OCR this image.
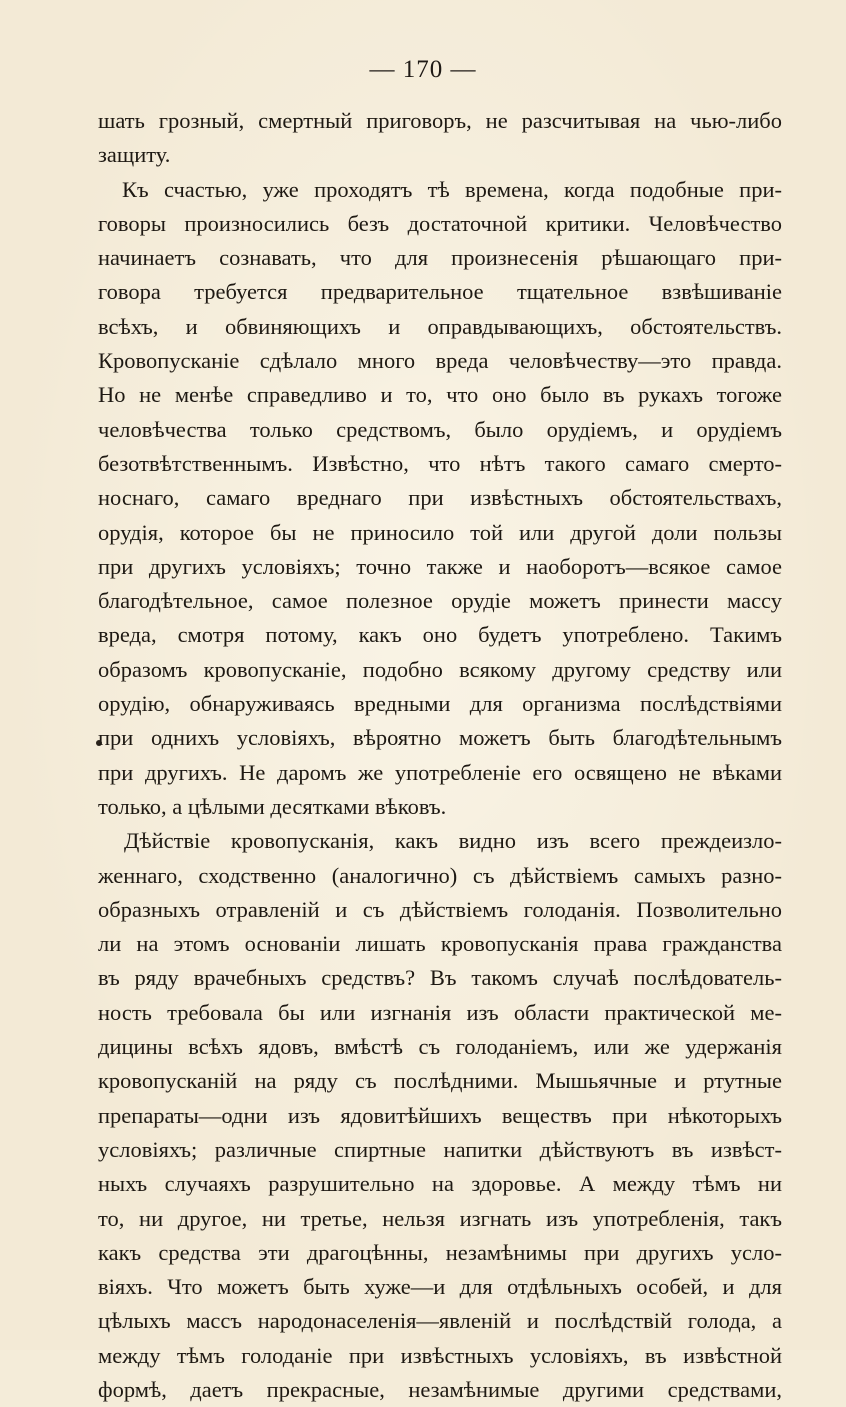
— 170 —
шать грозный, смертный приговоръ, не разсчитывая на чью-либо
защиту.
Къ счастью, уже проходятъ тѣ времена, когда подобные при-
говоры произносились безъ достаточной критики. Человѣчество
начинаетъ сознавать, что для произнесенія рѣшающаго при-
говора требуется предварительное тщательное взвѣшиваніе
всѣхъ, и обвиняющихъ и оправдывающихъ, обстоятельствъ.
Кровопусканіе сдѣлало много вреда человѣчеству—это правда.
Но не менѣе справедливо и то, что оно было въ рукахъ тогоже
человѣчества только средствомъ, было орудіемъ, и орудіемъ
безотвѣтственнымъ. Извѣстно, что нѣтъ такого самаго смерто-
носнаго, самаго вреднаго при извѣстныхъ обстоятельствахъ,
орудія, которое бы не приносило той или другой доли пользы
при другихъ условіяхъ; точно также и наоборотъ—всякое самое
благодѣтельное, самое полезное орудіе можетъ принести массу
вреда, смотря потому, какъ оно будетъ употреблено. Такимъ
образомъ кровопусканіе, подобно всякому другому средству или
орудію, обнаруживаясь вредными для организма послѣдствіями
при однихъ условіяхъ, вѣроятно можетъ быть благодѣтельнымъ
при другихъ. Не даромъ же употребленіе его освящено не вѣками
только, а цѣлыми десятками вѣковъ.
Дѣйствіе кровопусканія, какъ видно изъ всего преждеизло-
женнаго, сходственно (аналогично) съ дѣйствіемъ самыхъ разно-
образныхъ отравленій и съ дѣйствіемъ голоданія. Позволительно
ли на этомъ основаніи лишать кровопусканія права гражданства
въ ряду врачебныхъ средствъ? Въ такомъ случаѣ послѣдователь-
ность требовала бы или изгнанія изъ области практической ме-
дицины всѣхъ ядовъ, вмѣстѣ съ голоданіемъ, или же удержанія
кровопусканій на ряду съ послѣдними. Мышьячные и ртутные
препараты—одни изъ ядовитѣйшихъ веществъ при нѣкоторыхъ
условіяхъ; различные спиртные напитки дѣйствуютъ въ извѣст-
ныхъ случаяхъ разрушительно на здоровье. А между тѣмъ ни
то, ни другое, ни третье, нельзя изгнать изъ употребленія, такъ
какъ средства эти драгоцѣнны, незамѣнимы при другихъ усло-
віяхъ. Что можетъ быть хуже—и для отдѣльныхъ особей, и для
цѣлыхъ массъ народонаселенія—явленій и послѣдствій голода, а
между тѣмъ голоданіе при извѣстныхъ условіяхъ, въ извѣстной
формѣ, даетъ прекрасные, незамѣнимые другими средствами,
